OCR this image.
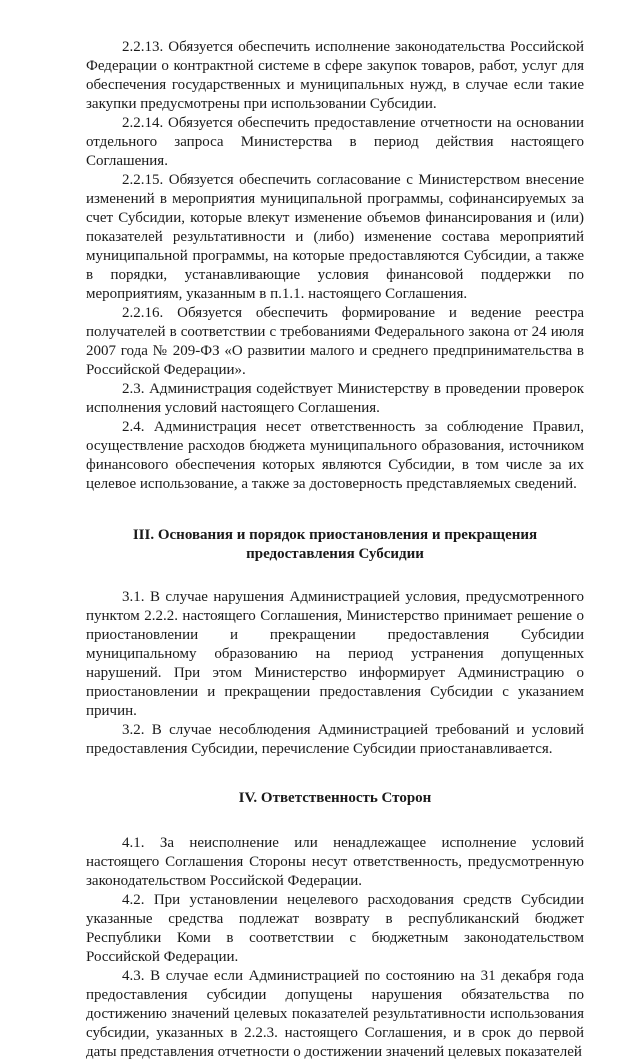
2.2.13. Обязуется обеспечить исполнение законодательства Российской Федерации о контрактной системе в сфере закупок товаров, работ, услуг для обеспечения государственных и муниципальных нужд, в случае если такие закупки предусмотрены при использовании Субсидии.

2.2.14. Обязуется обеспечить предоставление отчетности на основании отдельного запроса Министерства в период действия настоящего Соглашения.

2.2.15. Обязуется обеспечить согласование с Министерством внесение изменений в мероприятия муниципальной программы, софинансируемых за счет Субсидии, которые влекут изменение объемов финансирования и (или) показателей результативности и (либо) изменение состава мероприятий муниципальной программы, на которые предоставляются Субсидии, а также в порядки, устанавливающие условия финансовой поддержки по мероприятиям, указанным в п.1.1. настоящего Соглашения.

2.2.16. Обязуется обеспечить формирование и ведение реестра получателей в соответствии с требованиями Федерального закона от 24 июля 2007 года № 209-ФЗ «О развитии малого и среднего предпринимательства в Российской Федерации».

2.3. Администрация содействует Министерству в проведении проверок исполнения условий настоящего Соглашения.

2.4. Администрация несет ответственность за соблюдение Правил, осуществление расходов бюджета муниципального образования, источником финансового обеспечения которых являются Субсидии, в том числе за их целевое использование, а также за достоверность представляемых сведений.

III. Основания и порядок приостановления и прекращения
предоставления Субсидии

3.1. В случае нарушения Администрацией условия, предусмотренного пунктом 2.2.2. настоящего Соглашения, Министерство принимает решение о приостановлении и прекращении предоставления Субсидии муниципальному образованию на период устранения допущенных нарушений. При этом Министерство информирует Администрацию о приостановлении и прекращении предоставления Субсидии с указанием причин.

3.2. В случае несоблюдения Администрацией требований и условий предоставления Субсидии, перечисление Субсидии приостанавливается.

IV. Ответственность Сторон

4.1. За неисполнение или ненадлежащее исполнение условий настоящего Соглашения Стороны несут ответственность, предусмотренную законодательством Российской Федерации.

4.2. При установлении нецелевого расходования средств Субсидии указанные средства подлежат возврату в республиканский бюджет Республики Коми в соответствии с бюджетным законодательством Российской Федерации.

4.3. В случае если Администрацией по состоянию на 31 декабря года предоставления субсидии допущены нарушения обязательства по достижению значений целевых показателей результативности использования субсидии, указанных в 2.2.3. настоящего Соглашения, и в срок до первой даты представления отчетности о достижении значений целевых показателей
